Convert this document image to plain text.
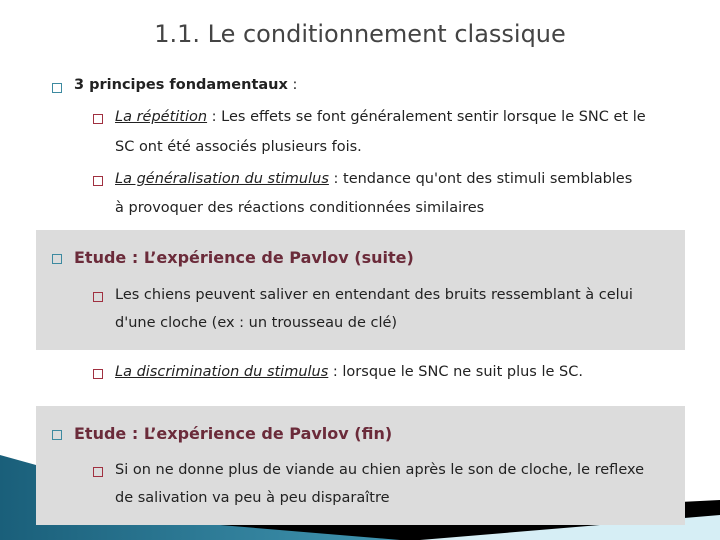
1.1. Le conditionnement classique
3 principes fondamentaux :
La répétition : Les effets se font généralement sentir lorsque le SNC et le
SC ont été associés plusieurs fois.
La généralisation du stimulus : tendance qu'ont des stimuli semblables
à provoquer des réactions conditionnées similaires
Etude : L’expérience de Pavlov (suite)
Les chiens peuvent saliver en entendant des bruits ressemblant à celui
d'une cloche (ex : un trousseau de clé)
La discrimination du stimulus : lorsque le SNC ne suit plus le SC.
Etude : L’expérience de Pavlov (fin)
Si on ne donne plus de viande au chien après le son de cloche, le reflexe
de salivation va peu à peu disparaître
